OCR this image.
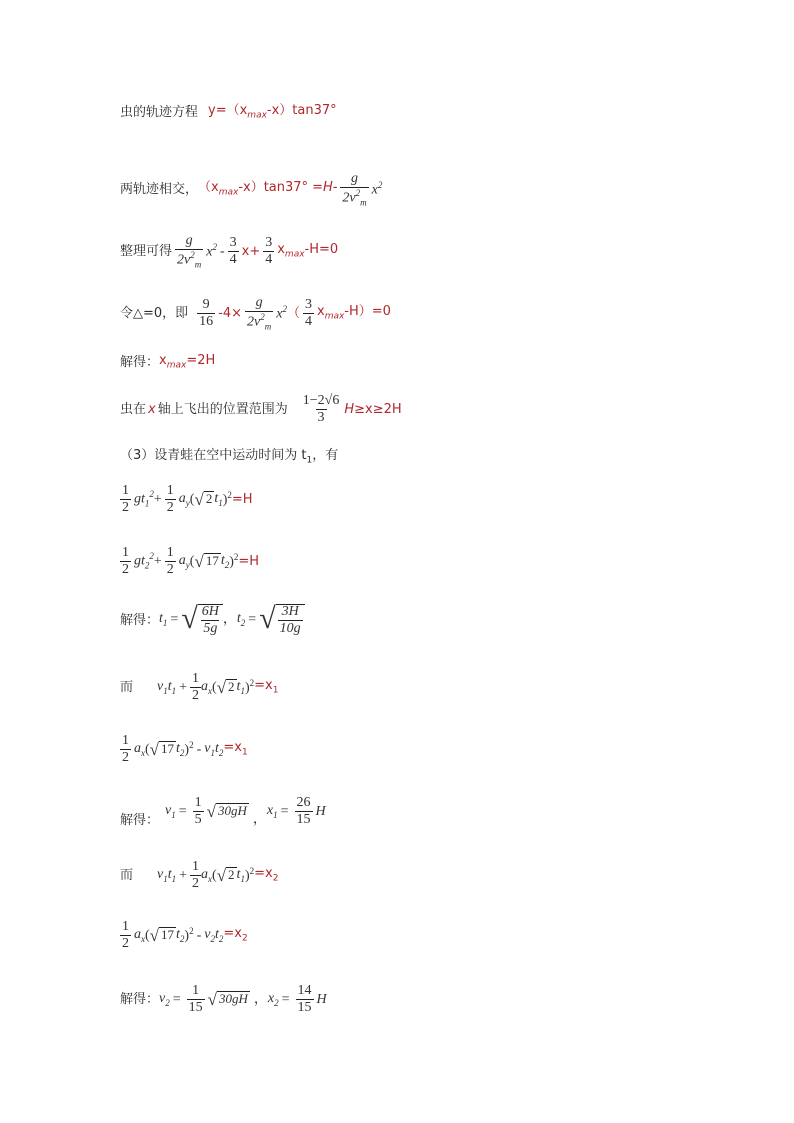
虫的轨迹方程 $y=(x_{max}-x)\tan 37^\circ$
两轨迹相交， $(x_{max}-x)\tan 37^\circ =H- \frac{g}{2v^2_m} x^2$
整理可得 $\frac{g}{2v^2_m} x^2 - \frac{3}{4} x+ \frac{3}{4} x_{max}-H=0$
令△=0，即 $\frac{9}{16} -4\times \frac{g}{2v^2_m} x^2$ （ $\frac{3}{4} x_{max}-H)=0$
解得： $x_{max}=2H$
虫在 x 轴上飞出的位置范围为 $\frac{1-2√6}{3}$ H ≥x≥2H
（3）设青蛙在空中运动时间为 $t_1$，有
$\frac{1}{2} gt_1^2 + \frac{1}{2} a_y$ ( √ 2 $t_1$ )$^2$ =H
$\frac{1}{2} gt_2^2 + \frac{1}{2} a_y$ ( √ 17 $t_2$ )$^2$ =H
解得： $t_1$ = √ $\frac{6H}{5g}$ ， $t_2$ = √ $\frac{3H}{10g}$
而 $v_1t_1 + \frac{1}{2} a_x$ ( √ 2 $t_1$ )$^2 =x_1$
$\frac{1}{2} a_x$ ( √ 17 $t_2$ )$^2 - v_1t_2 =x_1$
解得：
$v_1 = \frac{1}{5}$ √ 30gH
，
$x_1 = \frac{26}{15}$ H
而 $v_1t_1 + \frac{1}{2} a_x$ ( √ 2 $t_1$ )$^2 =x_2$
$\frac{1}{2} a_x$ ( √ 17 $t_2$ )$^2 - v_2t_2 =x_2$
解得： $v_2 = \frac{1}{15}$ √ 30gH ， $x_2 = \frac{14}{15}$ H
